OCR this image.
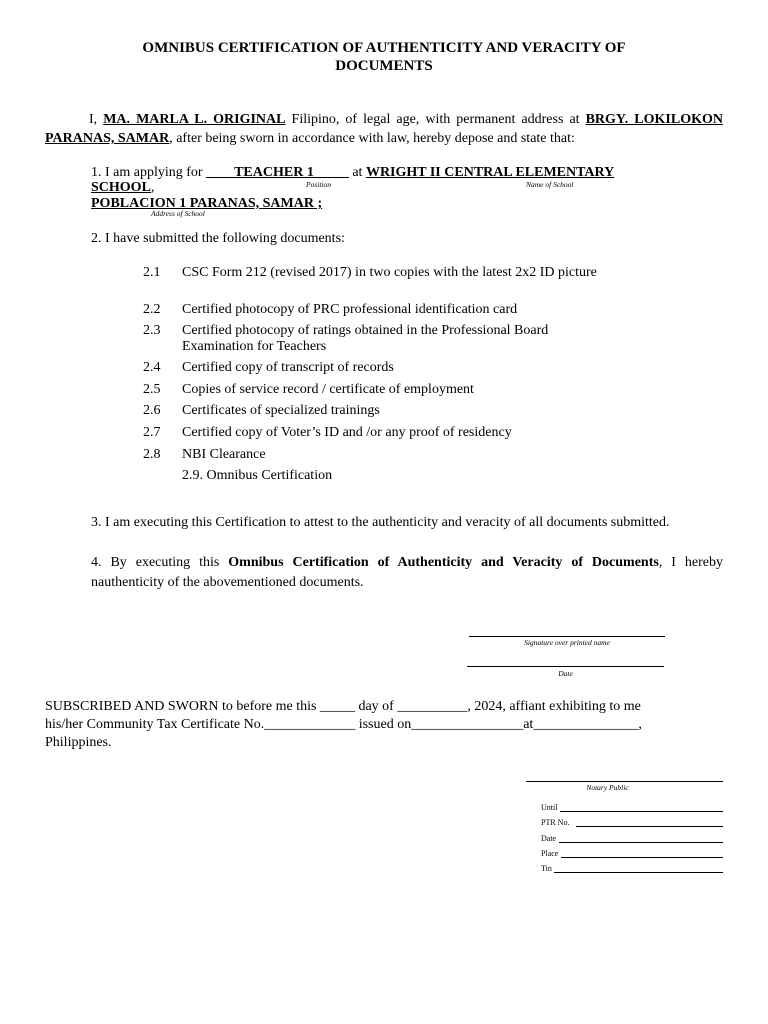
OMNIBUS CERTIFICATION OF AUTHENTICITY AND VERACITY OF
DOCUMENTS
I, MA. MARLA L. ORIGINAL Filipino, of legal age, with permanent address at BRGY. LOKILOKON PARANAS, SAMAR, after being sworn in accordance with law, hereby depose and state that:
1. I am applying for ____TEACHER 1_____ at WRIGHT II CENTRAL ELEMENTARY
Position	Name of School
SCHOOL,
POBLACION 1 PARANAS, SAMAR ;
Address of School
2. I have submitted the following documents:
2.1 CSC Form 212 (revised 2017) in two copies with the latest 2x2 ID picture
2.2 Certified photocopy of PRC professional identification card
2.3 Certified photocopy of ratings obtained in the Professional Board Examination for Teachers
2.4 Certified copy of transcript of records
2.5 Copies of service record / certificate of employment
2.6 Certificates of specialized trainings
2.7 Certified copy of Voter’s ID and /or any proof of residency
2.8 NBI Clearance
2.9. Omnibus Certification
3. I am executing this Certification to attest to the authenticity and veracity of all documents submitted.
4. By executing this Omnibus Certification of Authenticity and Veracity of Documents, I hereby nauthenticity of the abovementioned documents.
Signature over printed name
Date
SUBSCRIBED AND SWORN to before me this _____ day of __________, 2024, affiant exhibiting to me
his/her Community Tax Certificate No._____________ issued on________________at_______________,
Philippines.
Notary Public
Until
PTR No.
Date
Place
Tin
